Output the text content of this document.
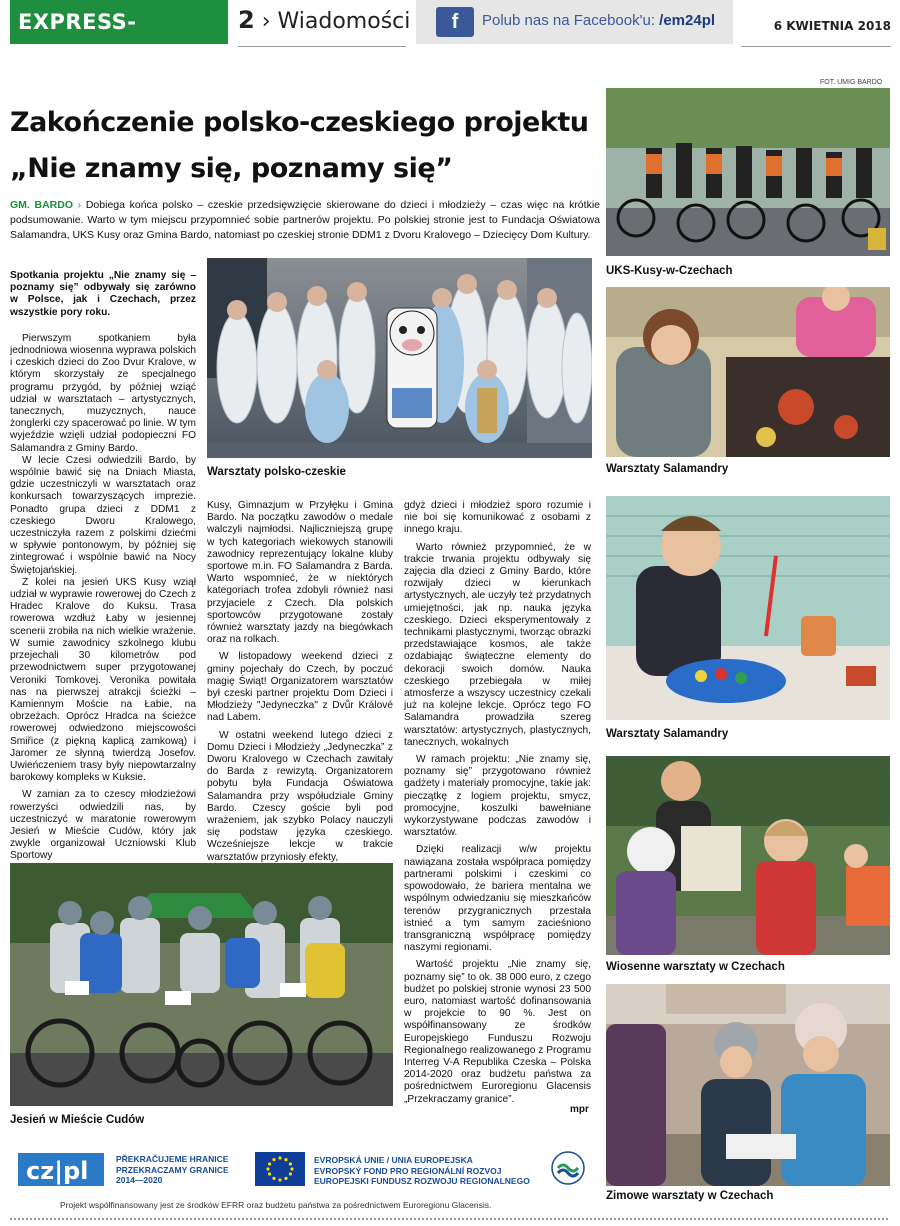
EXPRESS-MIEJSKI.PL
2 › Wiadomości	f	Polub nas na Facebook'u: /em24pl	6 KWIETNIA 2018
FOT. UMIG BARDO
Zakończenie polsko-czeskiego projektu
„Nie znamy się, poznamy się”
GM. BARDO › Dobiega końca polsko – czeskie przedsięwzięcie skierowane do dzieci i młodzieży – czas więc na krótkie podsumowanie. Warto w tym miejscu przypomnieć sobie partnerów projektu. Po polskiej stronie jest to Fundacja Oświatowa Salamandra, UKS Kusy oraz Gmina Bardo, natomiast po czeskiej stronie DDM1 z Dvoru Kralovego – Dziecięcy Dom Kultury.
Warsztaty polsko-czeskie

Spotkania projektu „Nie znamy się – poznamy się” odbywały się zarówno w Polsce, jak i Czechach, przez wszystkie pory roku.

Pierwszym spotkaniem była jednodniowa wiosenna wyprawa polskich i czeskich dzieci do Zoo Dvur Kralove, w którym skorzystały ze specjalnego programu przygód, by później wziąć udział w warsztatach – artystycznych, tanecznych, muzycznych, nauce żonglerki czy spacerować po linie. W tym wyjeździe wzięli udział podopieczni FO Salamandra z Gminy Bardo.

W lecie Czesi odwiedzili Bardo, by wspólnie bawić się na Dniach Miasta, gdzie uczestniczyli w warsztatach oraz konkursach towarzyszących imprezie. Ponadto grupa dzieci z DDM1 z czeskiego Dworu Kralowego, uczestniczyła razem z polskimi dziećmi w spływie pontonowym, by później się zintegrować i wspólnie bawić na Nocy Świętojańskiej.

Z kolei na jesień UKS Kusy wziął udział w wyprawie rowerowej do Czech z Hradec Kralove do Kuksu. Trasa rowerowa wzdłuż Łaby w jesiennej scenerii zrobiła na nich wielkie wrażenie. W sumie zawodnicy szkolnego klubu przejechali 30 kilometrów pod przewodnictwem super przygotowanej Veroniki Tomkovej. Veronika powitała nas na pierwszej atrakcji ścieżki – Kamiennym Moście na Łabie, na obrzeżach. Oprócz Hradca na ścieżce rowerowej odwiedzono miejscowości Smiřice (z piękną kaplicą zamkową) i Jaromer ze słynną twierdzą Josefov. Uwieńczeniem trasy były niepowtarzalny barokowy kompleks w Kuksie.

W zamian za to czescy młodzieżowi rowerzyści odwiedzili nas, by uczestniczyć w maratonie rowerowym Jesień w Mieście Cudów, który jak zwykle organizował Uczniowski Klub Sportowy

Kusy, Gimnazjum w Przyłęku i Gmina Bardo. Na początku zawodów o medale walczyli najmłodsi. Najliczniejszą grupę w tych kategoriach wiekowych stanowili zawodnicy reprezentujący lokalne kluby sportowe m.in. FO Salamandra z Barda. Warto wspomnieć, że w niektórych kategoriach trofea zdobyli również nasi przyjaciele z Czech. Dla polskich sportowców przygotowane zostały również warsztaty jazdy na biegówkach oraz na rolkach.

W listopadowy weekend dzieci z gminy pojechały do Czech, by poczuć magię Świąt! Organizatorem warsztatów był czeski partner projektu Dom Dzieci i Młodzieży "Jedyneczka" z Dvůr Králové nad Labem.

W ostatni weekend lutego dzieci z Domu Dzieci i Młodzieży „Jedyneczka” z Dworu Kralovego w Czechach zawitały do Barda z rewizytą. Organizatorem pobytu była Fundacja Oświatowa Salamandra przy współudziale Gminy Bardo. Czescy goście byli pod wrażeniem, jak szybko Polacy nauczyli się podstaw języka czeskiego. Wcześniejsze lekcje w trakcie warsztatów przyniosły efekty,

gdyż dzieci i młodzież sporo rozumie i nie boi się komunikować z osobami z innego kraju.

Warto również przypomnieć, że w trakcie trwania projektu odbywały się zajęcia dla dzieci z Gminy Bardo, które rozwijały dzieci w kierunkach artystycznych, ale uczyły też przydatnych umiejętności, jak np. nauka języka czeskiego. Dzieci eksperymentowały z technikami plastycznymi, tworząc obrazki przedstawiające kosmos, ale także ozdabiając świąteczne elementy do dekoracji swoich domów. Nauka czeskiego przebiegała w miłej atmosferze a wszyscy uczestnicy czekali już na kolejne lekcje. Oprócz tego FO Salamandra prowadziła szereg warsztatów: artystycznych, plastycznych, tanecznych, wokalnych

W ramach projektu: „Nie znamy się, poznamy się” przygotowano również gadżety i materiały promocyjne, takie jak: pieczątkę z logiem projektu, smycz, promocyjne, koszulki bawełniane wykorzystywane podczas zawodów i warsztatów.

Dzięki realizacji w/w projektu nawiązana została współpraca pomiędzy partnerami polskimi i czeskimi co spowodowało, że bariera mentalna we wspólnym odwiedzaniu się mieszkańców terenów przygranicznych przestała istnieć a tym samym zacieśniono transgraniczną współpracę pomiędzy naszymi regionami.

Wartość projektu „Nie znamy się, poznamy się” to ok. 38 000 euro, z czego budżet po polskiej stronie wynosi 23 500 euro, natomiast wartość dofinansowania w projekcie to 90 %. Jest on współfinansowany ze środków Europejskiego Funduszu Rozwoju Regionalnego realizowanego z Programu Interreg V-A Republika Czeska – Polska 2014-2020 oraz budżetu państwa za pośrednictwem Euroregionu Glacensis „Przekraczamy granice”.

mpr
Jesień w Mieście Cudów
UKS-Kusy-w-Czechach
Warsztaty Salamandry
Warsztaty Salamandry
Wiosenne warsztaty w Czechach
Zimowe warsztaty w Czechach
cz|pl	PŘEKRAČUJEME HRANICE
PRZEKRACZAMY GRANICE
2014—2020
EVROPSKÁ UNIE / UNIA EUROPEJSKA
EVROPSKÝ FOND PRO REGIONÁLNÍ ROZVOJ
EUROPEJSKI FUNDUSZ ROZWOJU REGIONALNEGO
Projekt współfinansowany jest ze środków EFRR oraz budżetu państwa za pośrednictwem Euroregionu Glacensis.
